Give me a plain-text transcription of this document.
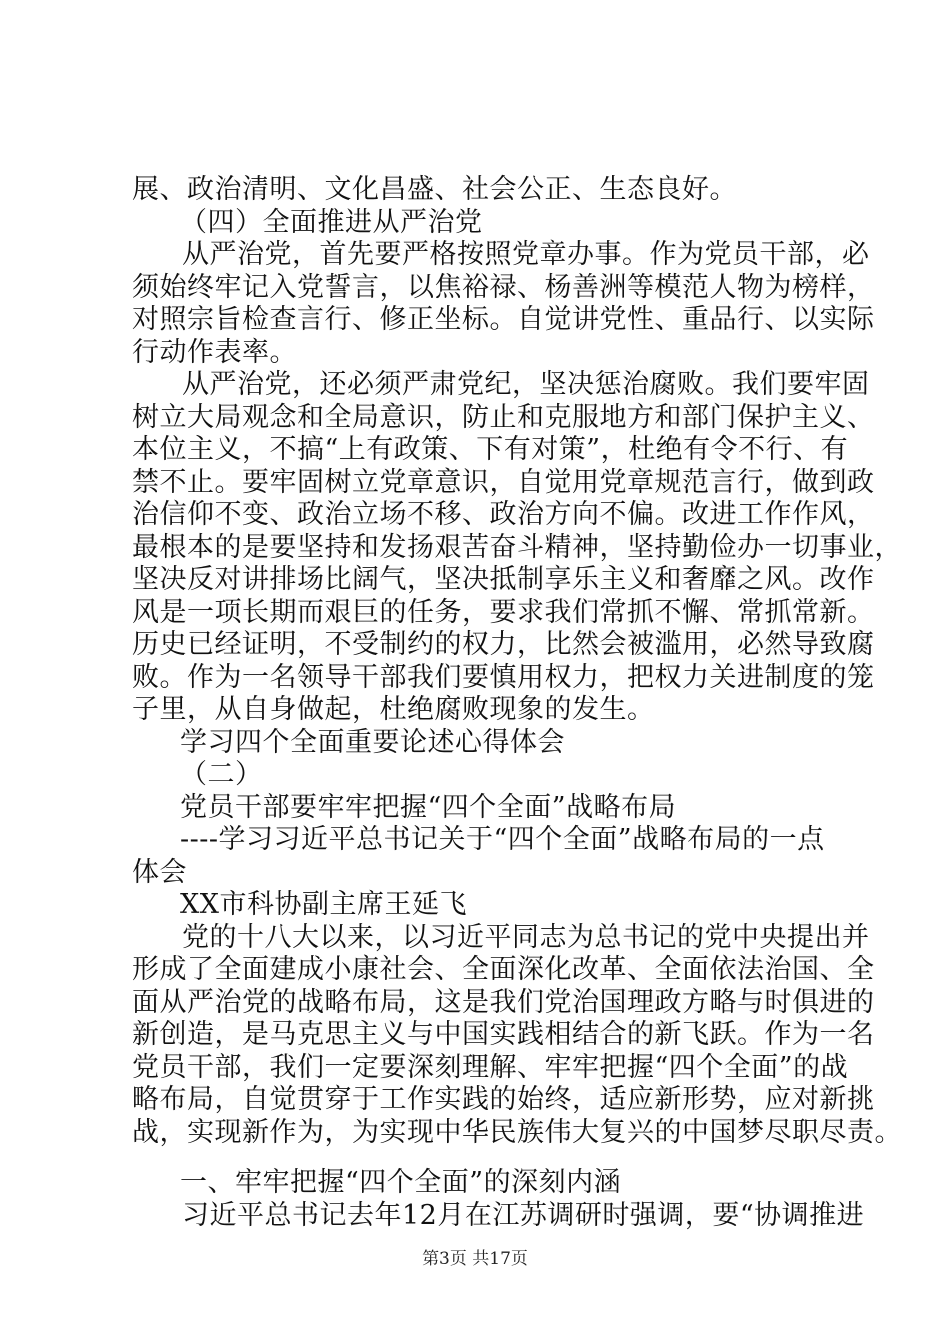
展、政治清明、文化昌盛、社会公正、生态良好。
（四）全面推进从严治党
从严治党，首先要严格按照党章办事。作为党员干部，必
须始终牢记入党誓言，以焦裕禄、杨善洲等模范人物为榜样，
对照宗旨检查言行、修正坐标。自觉讲党性、重品行、以实际
行动作表率。
从严治党，还必须严肃党纪，坚决惩治腐败。我们要牢固
树立大局观念和全局意识，防止和克服地方和部门保护主义、
本位主义，不搞“上有政策、下有对策”，杜绝有令不行、有
禁不止。要牢固树立党章意识，自觉用党章规范言行，做到政
治信仰不变、政治立场不移、政治方向不偏。改进工作作风，
最根本的是要坚持和发扬艰苦奋斗精神，坚持勤俭办一切事业，
坚决反对讲排场比阔气，坚决抵制享乐主义和奢靡之风。改作
风是一项长期而艰巨的任务，要求我们常抓不懈、常抓常新。
历史已经证明，不受制约的权力，比然会被滥用，必然导致腐
败。作为一名领导干部我们要慎用权力，把权力关进制度的笼
子里，从自身做起，杜绝腐败现象的发生。
学习四个全面重要论述心得体会
（二）
党员干部要牢牢把握“四个全面”战略布局
----学习习近平总书记关于“四个全面”战略布局的一点
体会
XX市科协副主席王延飞
党的十八大以来，以习近平同志为总书记的党中央提出并
形成了全面建成小康社会、全面深化改革、全面依法治国、全
面从严治党的战略布局，这是我们党治国理政方略与时俱进的
新创造，是马克思主义与中国实践相结合的新飞跃。作为一名
党员干部，我们一定要深刻理解、牢牢把握“四个全面”的战
略布局，自觉贯穿于工作实践的始终，适应新形势，应对新挑
战，实现新作为，为实现中华民族伟大复兴的中国梦尽职尽责。
一、牢牢把握“四个全面”的深刻内涵
习近平总书记去年12月在江苏调研时强调，要“协调推进
第3页 共17页
